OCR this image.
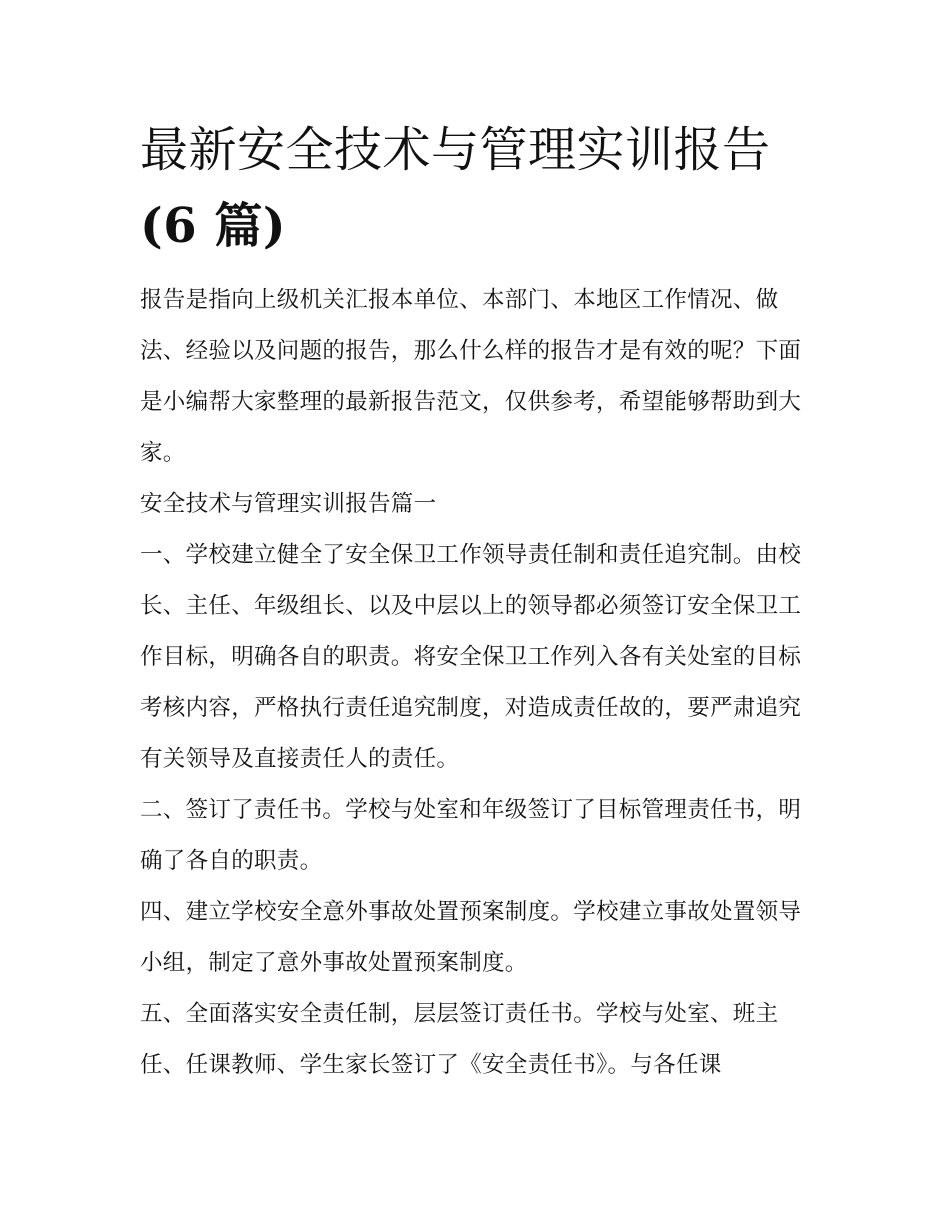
最新安全技术与管理实训报告
(6 篇)

报告是指向上级机关汇报本单位、本部门、本地区工作情况、做法、经验以及问题的报告，那么什么样的报告才是有效的呢？下面是小编帮大家整理的最新报告范文，仅供参考，希望能够帮助到大家。

安全技术与管理实训报告篇一

一、学校建立健全了安全保卫工作领导责任制和责任追究制。由校长、主任、年级组长、以及中层以上的领导都必须签订安全保卫工作目标，明确各自的职责。将安全保卫工作列入各有关处室的目标考核内容，严格执行责任追究制度，对造成责任故的，要严肃追究有关领导及直接责任人的责任。

二、签订了责任书。学校与处室和年级签订了目标管理责任书，明确了各自的职责。

四、建立学校安全意外事故处置预案制度。学校建立事故处置领导小组，制定了意外事故处置预案制度。

五、全面落实安全责任制，层层签订责任书。学校与处室、班主任、任课教师、学生家长签订了《安全责任书》。与各任课
